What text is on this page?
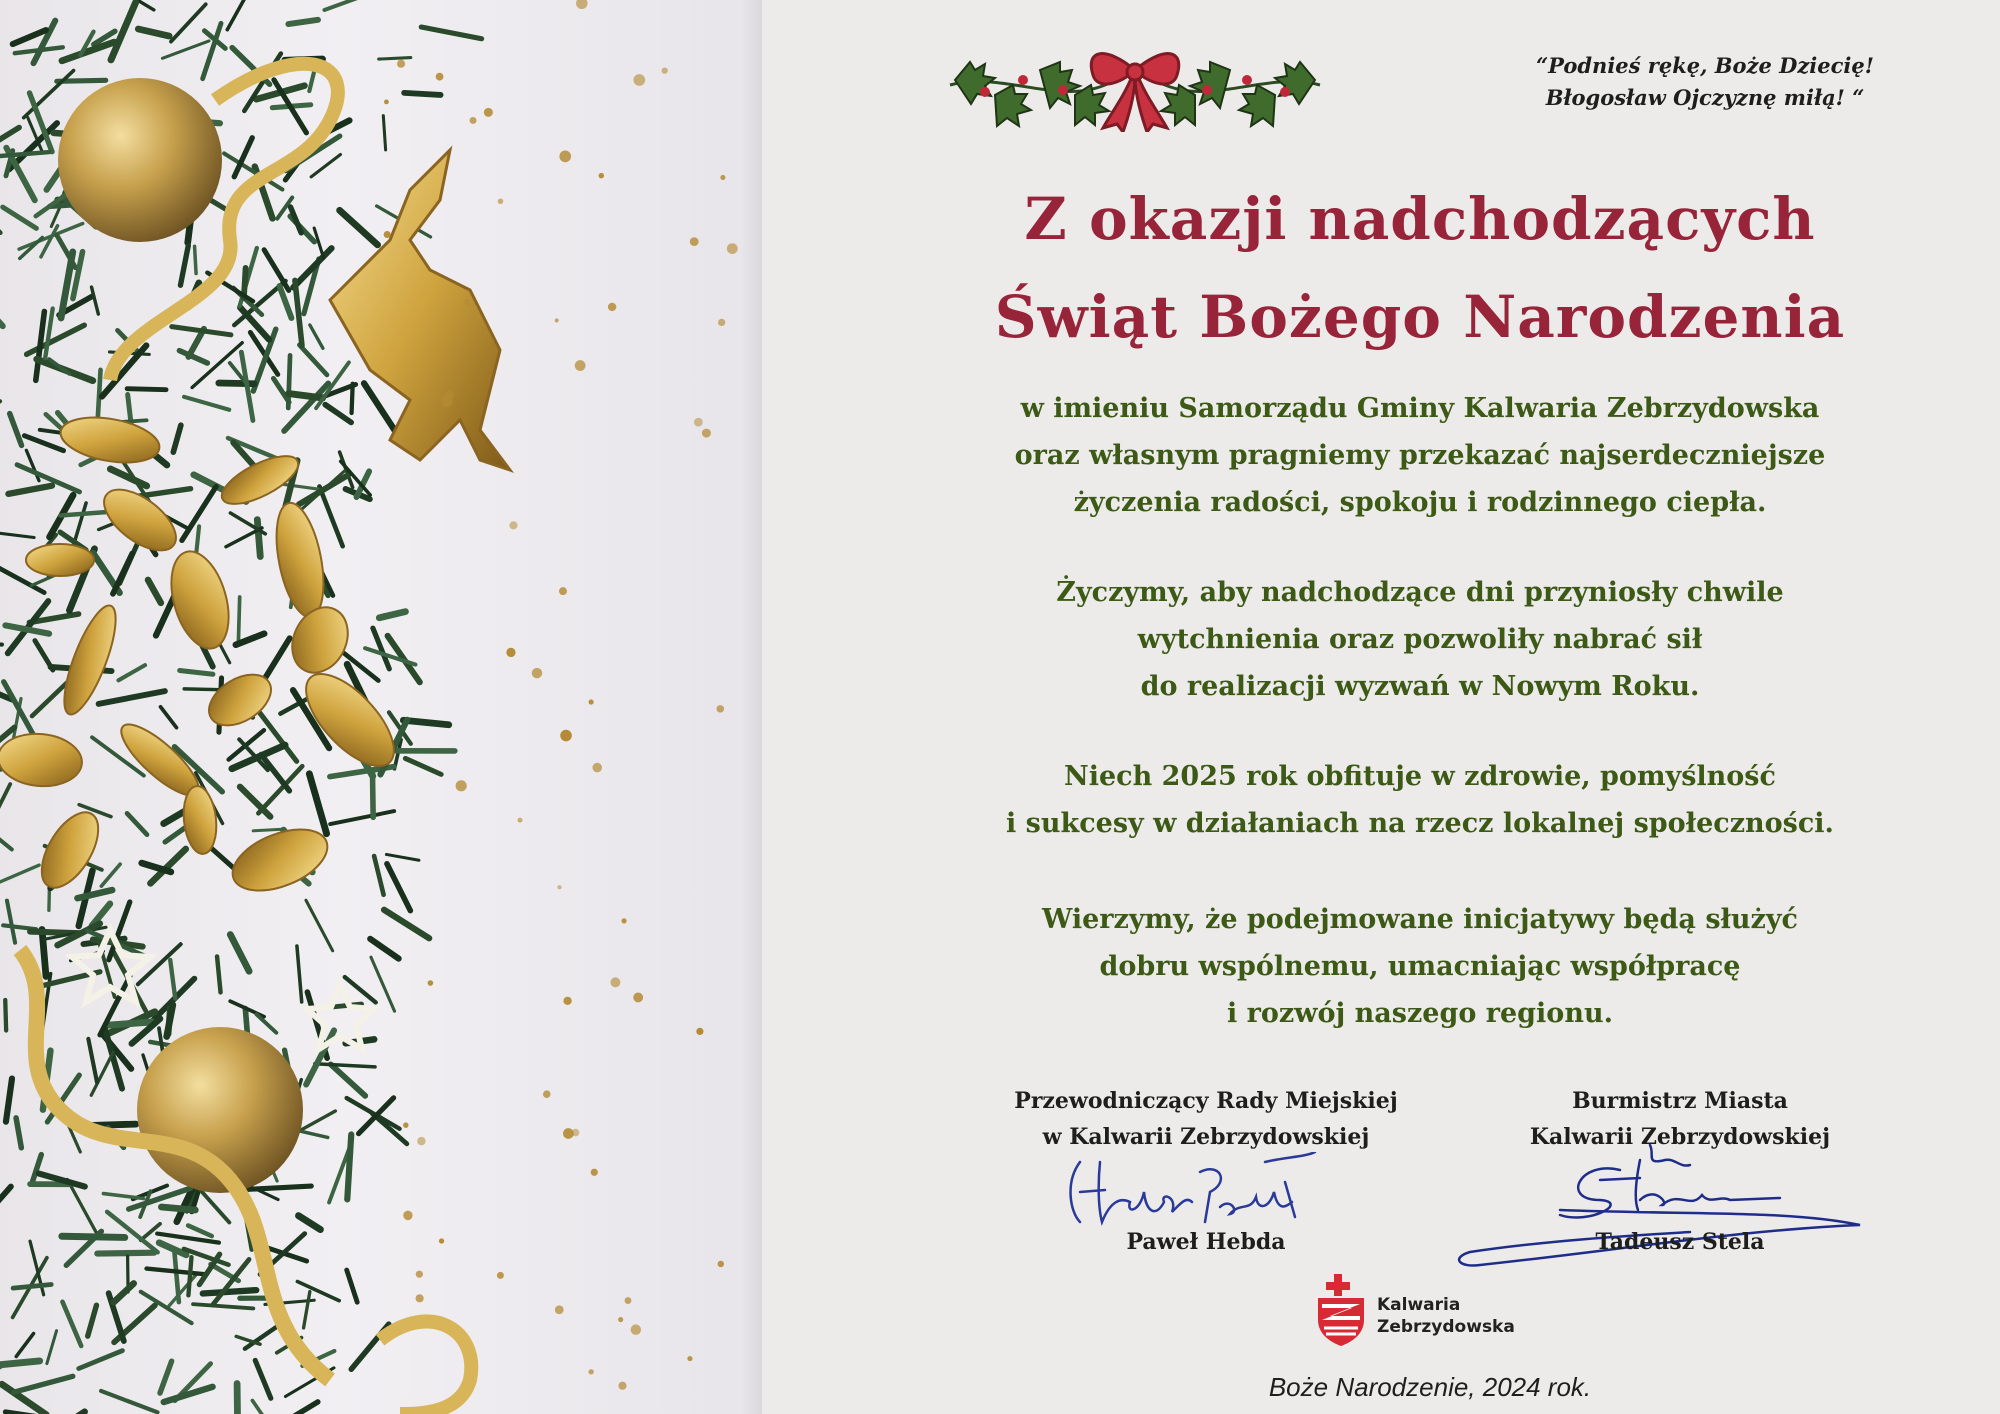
“Podnieś rękę, Boże Dziecię!
Błogosław Ojczyznę miłą! “
Z okazji nadchodzących
Świąt Bożego Narodzenia
w imieniu Samorządu Gminy Kalwaria Zebrzydowska
oraz własnym pragniemy przekazać najserdeczniejsze
życzenia radości, spokoju i rodzinnego ciepła.
Życzymy, aby nadchodzące dni przyniosły chwile
wytchnienia oraz pozwoliły nabrać sił
do realizacji wyzwań w Nowym Roku.
Niech 2025 rok obfituje w zdrowie, pomyślność
i sukcesy w działaniach na rzecz lokalnej społeczności.
Wierzymy, że podejmowane inicjatywy będą służyć
dobru wspólnemu, umacniając współpracę
i rozwój naszego regionu.
Przewodniczący Rady Miejskiej
w Kalwarii Zebrzydowskiej
Paweł Hebda
Burmistrz Miasta
Kalwarii Zebrzydowskiej
Tadeusz Stela
Kalwaria
Zebrzydowska
Boże Narodzenie, 2024 rok.
